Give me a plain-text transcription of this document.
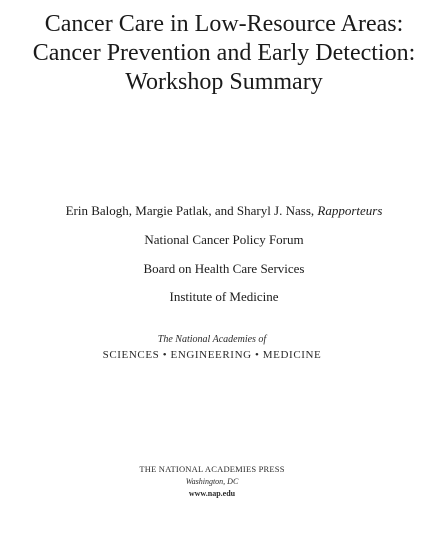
Cancer Care in Low-Resource Areas:
Cancer Prevention and Early Detection:
Workshop Summary
Erin Balogh, Margie Patlak, and Sharyl J. Nass, Rapporteurs
National Cancer Policy Forum
Board on Health Care Services
Institute of Medicine
The National Academies of
SCIENCES • ENGINEERING • MEDICINE
THE NATIONAL ACADEMIES PRESS
Washington, DC
www.nap.edu
